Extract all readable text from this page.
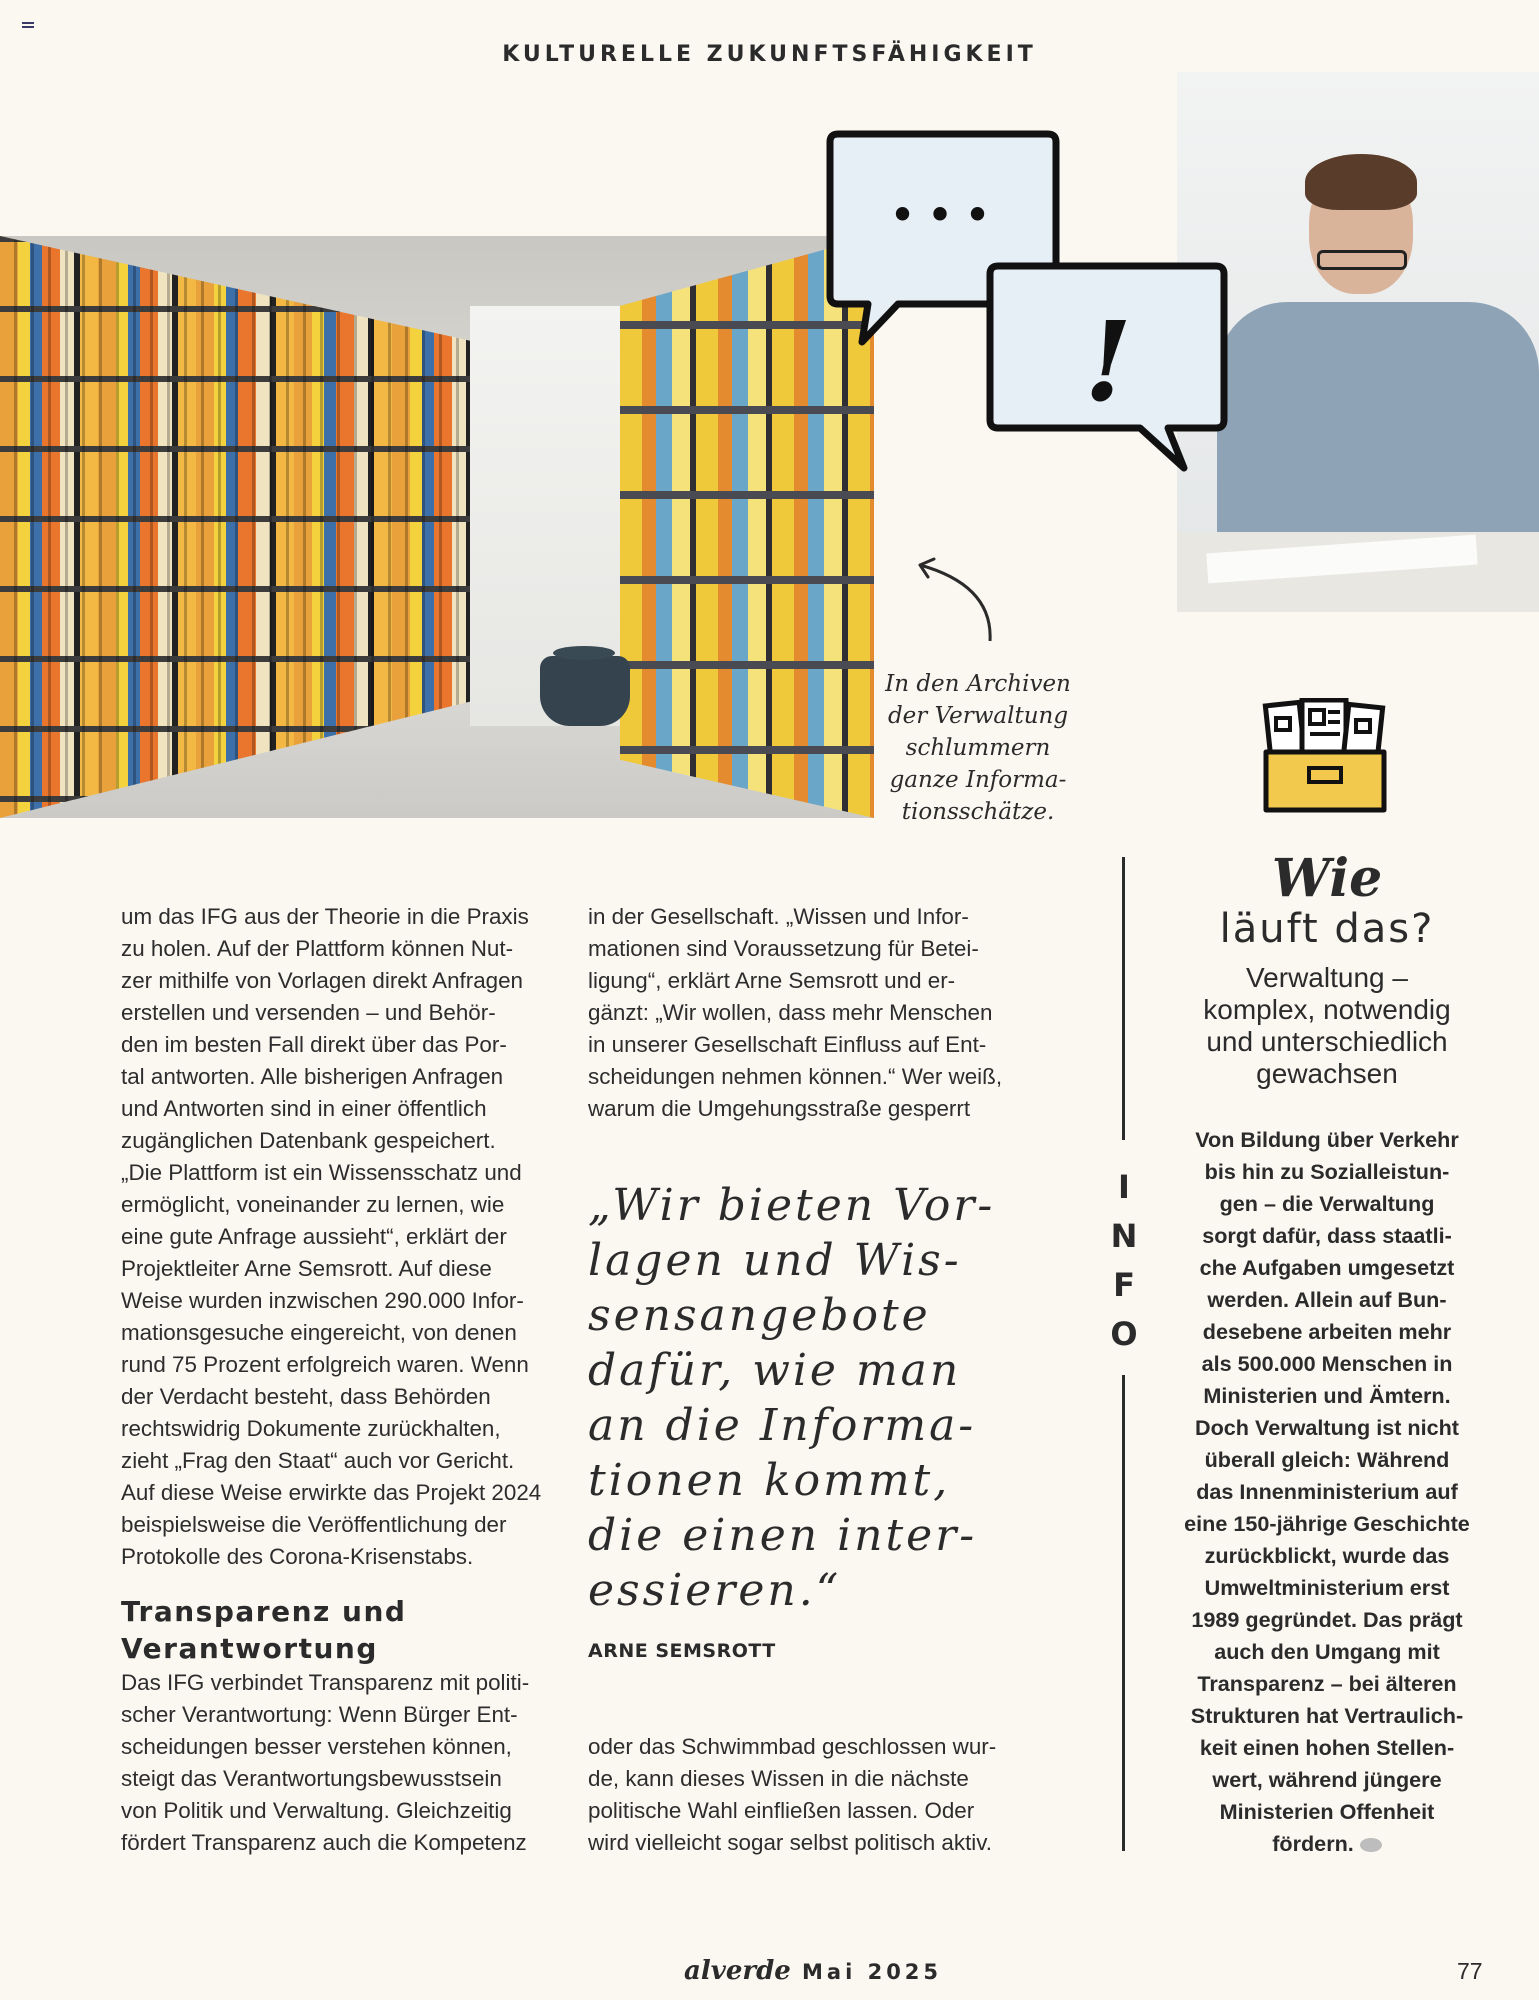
KULTURELLE ZUKUNFTSFÄHIGKEIT
• • •
!
In den Archiven
der Verwaltung
schlummern
ganze Informa-
tionsschätze.

um das IFG aus der Theorie in die Praxis

zu holen. Auf der Plattform können Nut-

zer mithilfe von Vorlagen direkt Anfragen

erstellen und versenden – und Behör-

den im besten Fall direkt über das Por-

tal antworten. Alle bisherigen Anfragen

und Antworten sind in einer öffentlich

zugänglichen Datenbank gespeichert.

„Die Plattform ist ein Wissensschatz und

ermöglicht, voneinander zu lernen, wie

eine gute Anfrage aussieht“, erklärt der

Projektleiter Arne Semsrott. Auf diese

Weise wurden inzwischen 290.000 Infor-

mationsgesuche eingereicht, von denen

rund 75 Prozent erfolgreich waren. Wenn

der Verdacht besteht, dass Behörden

rechtswidrig Dokumente zurückhalten,

zieht „Frag den Staat“ auch vor Gericht.

Auf diese Weise erwirkte das Projekt 2024

beispielsweise die Veröffentlichung der

Protokolle des Corona-Krisenstabs.

Transparenz und
Verantwortung

Das IFG verbindet Transparenz mit politi-

scher Verantwortung: Wenn Bürger Ent-

scheidungen besser verstehen können,

steigt das Verantwortungsbewusstsein

von Politik und Verwaltung. Gleichzeitig

fördert Transparenz auch die Kompetenz

in der Gesellschaft. „Wissen und Infor-

mationen sind Voraussetzung für Betei-

ligung“, erklärt Arne Semsrott und er-

gänzt: „Wir wollen, dass mehr Menschen

in unserer Gesellschaft Einfluss auf Ent-

scheidungen nehmen können.“ Wer weiß,

warum die Umgehungsstraße gesperrt

„Wir bieten Vor-
lagen und Wis-
sensangebote
dafür, wie man
an die Informa-
tionen kommt,
die einen inter-
essieren.“
ARNE SEMSROTT

oder das Schwimmbad geschlossen wur-

de, kann dieses Wissen in die nächste

politische Wahl einfließen lassen. Oder

wird vielleicht sogar selbst politisch aktiv.

I
N
F
O
Wie
läuft das?
Verwaltung –
komplex, notwendig
und unterschiedlich
gewachsen
Von Bildung über Verkehr
bis hin zu Sozialleistun-
gen – die Verwaltung
sorgt dafür, dass staatli-
che Aufgaben umgesetzt
werden. Allein auf Bun-
desebene arbeiten mehr
als 500.000 Menschen in
Ministerien und Ämtern.
Doch Verwaltung ist nicht
überall gleich: Während
das Innenministerium auf
eine 150-jährige Geschichte
zurückblickt, wurde das
Umweltministerium erst
1989 gegründet. Das prägt
auch den Umgang mit
Transparenz – bei älteren
Strukturen hat Vertraulich-
keit einen hohen Stellen-
wert, während jüngere
Ministerien Offenheit
fördern.
alverde Mai 2025	77
